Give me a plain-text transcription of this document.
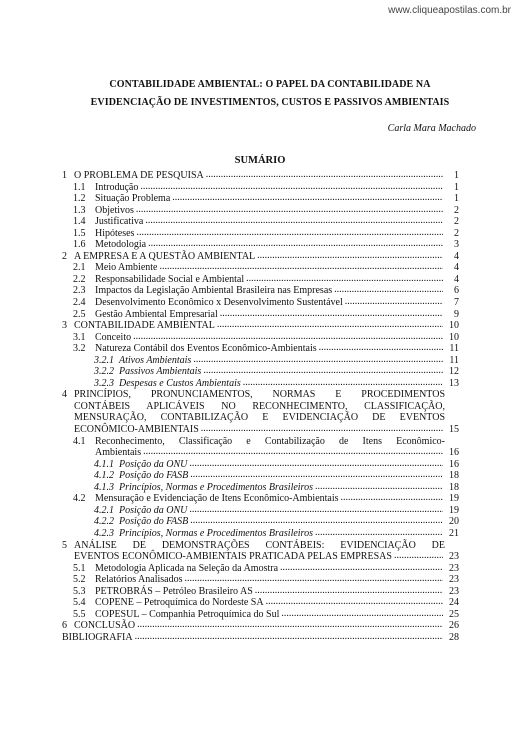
www.cliqueapostilas.com.br
CONTABILIDADE AMBIENTAL: O PAPEL DA CONTABILIDADE NA
EVIDENCIAÇÃO DE INVESTIMENTOS, CUSTOS E PASSIVOS AMBIENTAIS
Carla Mara Machado
SUMÁRIO
1 O PROBLEMA DE PESQUISA .....	1
1.1 Introdução .....	1
1.2 Situação Problema .....	1
1.3 Objetivos .....	2
1.4 Justificativa .....	2
1.5 Hipóteses .....	2
1.6 Metodologia .....	3
2 A EMPRESA E A QUESTÃO AMBIENTAL .....	4
2.1 Meio Ambiente .....	4
2.2 Responsabilidade Social e Ambiental .....	4
2.3 Impactos da Legislação Ambiental Brasileira nas Empresas .....	6
2.4 Desenvolvimento Econômico x Desenvolvimento Sustentável .....	7
2.5 Gestão Ambiental Empresarial .....	9
3 CONTABILIDADE AMBIENTAL .....	10
3.1 Conceito .....	10
3.2 Natureza Contábil dos Eventos Econômico-Ambientais .....	11
3.2.1 Ativos Ambientais .....	11
3.2.2 Passivos Ambientais .....	12
3.2.3 Despesas e Custos Ambientais .....	13
4 PRINCÍPIOS, PRONUNCIAMENTOS, NORMAS E PROCEDIMENTOS
CONTÁBEIS APLICÁVEIS NO RECONHECIMENTO, CLASSIFICAÇÃO,
MENSURAÇÃO, CONTABILIZAÇÃO E EVIDENCIAÇÃO DE EVENTOS
ECONÔMICO-AMBIENTAIS .....	15
4.1 Reconhecimento, Classificação e Contabilização de Itens Econômico-
Ambientais .....	16
4.1.1 Posição da ONU .....	16
4.1.2 Posição do FASB .....	18
4.1.3 Princípios, Normas e Procedimentos Brasileiros .....	18
4.2 Mensuração e Evidenciação de Itens Econômico-Ambientais .....	19
4.2.1 Posição da ONU .....	19
4.2.2 Posição do FASB .....	20
4.2.3 Princípios, Normas e Procedimentos Brasileiros .....	21
5 ANÁLISE DE DEMONSTRAÇÕES CONTÁBEIS: EVIDENCIAÇÃO DE
EVENTOS ECONÔMICO-AMBIENTAIS PRATICADA PELAS EMPRESAS .....	23
5.1 Metodologia Aplicada na Seleção da Amostra .....	23
5.2 Relatórios Analisados .....	23
5.3 PETROBRÁS – Petróleo Brasileiro AS .....	23
5.4 COPENE – Petroquímica do Nordeste SA .....	24
5.5 COPESUL – Companhia Petroquímica do Sul .....	25
6 CONCLUSÃO .....	26
BIBLIOGRAFIA .....	28
